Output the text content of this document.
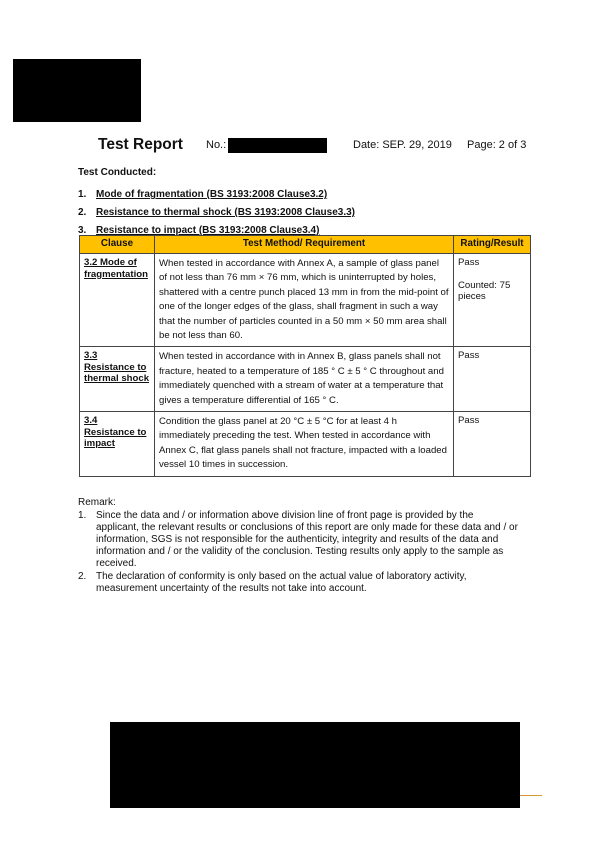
Test Report No.:	Date: SEP. 29, 2019 Page: 2 of 3
Test Conducted:
1. Mode of fragmentation (BS 3193:2008 Clause3.2)
2. Resistance to thermal shock (BS 3193:2008 Clause3.3)
3. Resistance to impact (BS 3193:2008 Clause3.4)
Clause	Test Method/ Requirement	Rating/Result
3.2 Mode of fragmentation	When tested in accordance with Annex A, a sample of glass panel of not less than 76 mm × 76 mm, which is uninterrupted by holes, shattered with a centre punch placed 13 mm in from the mid-point of one of the longer edges of the glass, shall fragment in such a way that the number of particles counted in a 50 mm × 50 mm area shall be not less than 60.	Pass
Counted: 75 pieces

3.3 Resistance to thermal shock	When tested in accordance with in Annex B, glass panels shall not fracture, heated to a temperature of 185 ° C ± 5 ° C throughout and immediately quenched with a stream of water at a temperature that gives a temperature differential of 165 ° C.	Pass

3.4 Resistance to impact	Condition the glass panel at 20 °C ± 5 °C for at least 4 h immediately preceding the test. When tested in accordance with Annex C, flat glass panels shall not fracture, impacted with a loaded vessel 10 times in succession.	Pass
Remark:
1. Since the data and / or information above division line of front page is provided by the applicant, the relevant results or conclusions of this report are only made for these data and / or information, SGS is not responsible for the authenticity, integrity and results of the data and information and / or the validity of the conclusion. Testing results only apply to the sample as received.
2. The declaration of conformity is only based on the actual value of laboratory activity, measurement uncertainty of the results not take into account.
